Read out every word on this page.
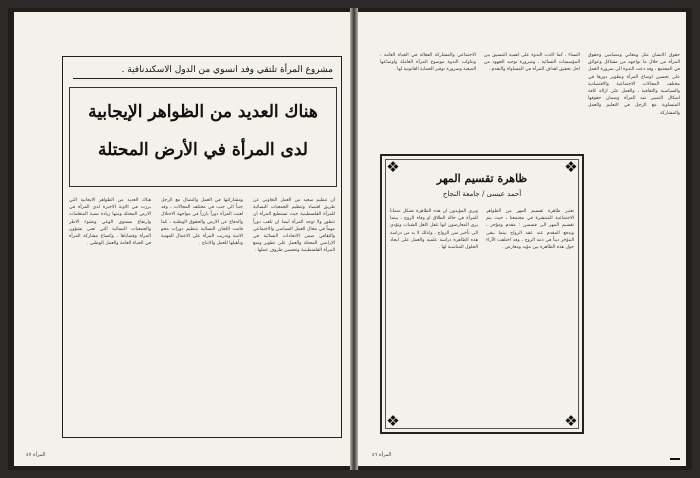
مشروع المرأة تلتقي وفد انسوي من الدول الاسكندنافية .
هناك العديد من الظواهر الإيجابية
لدى المرأة في الأرض المحتلة
أن تنظيم سعيد من العمل التعاوني عن طريق اقتصاد وتنظيم الجمعيات النسائية للمرأة الفلسطينية حيث تستطيع المرأة ان تتطور ولا توجد المرأة ايضا ان تلعب دوراً مهماً في مجال العمل السياسي والاجتماعي والثقافي ضمن الاتحادات النسائية في الاراضي المحتلة والعمل على تطوير وضع المرأة الفلسطينية وتحسين ظروف عملها .
ومشاركتها في العمل والنضال مع الرجل جنباً الى جنب في مختلف المجالات ، وقد لعبت المرأة دوراً بارزاً في مواجهة الاحتلال والدفاع عن الارض والحقوق الوطنية ، كما قامت اللجان النسائية بتنظيم دورات محو الامية وتدريب المرأة على الاعمال المهنية وتأهيلها للعمل والانتاج .
هناك العديد من الظواهر الايجابية التي برزت في الاونة الاخيرة لدى المرأة في الارض المحتلة ومنها زيادة نسبة المتعلمات وارتفاع مستوى الوعي ونشوء الاطر والجمعيات النسائية التي تعنى بشؤون المرأة وقضاياها ، واتساع مشاركة المرأة في الحياة العامة والعمل الوطني .
المرأة ٤٧
حقوق الانسان مثل ومعاني ومضامين وحقوق المرأة من خلال ما تواجهه من مشاكل وعوائق في المجتمع ، وقد دعت الندوة الى ضرورة العمل على تحسين اوضاع المرأة وتطوير دورها في مختلف المجالات الاجتماعية والاقتصادية والسياسية والثقافية ، والعمل على ازالة كافة اشكال التمييز ضد المرأة وضمان حقوقها المتساوية مع الرجل في التعليم والعمل والمشاركة .
النساء ، كما اكدت الندوة على اهمية التنسيق بين المؤسسات النسائية ، وضرورة توحيد الجهود من اجل تحقيق اهداف المرأة في المساواة والتقدم .
الاجتماعي والمشاركة الفعالة في الحياة العامة ، وتناولت الندوة موضوع المرأة العاملة واوضاعها الصعبة وضرورة توفير الحماية القانونية لها .
❖	❖
❖	❖
ظاهرة تقسيم المهر
أحمد عيسى / جامعة النجاح
تعتبر ظاهرة تقسيم المهر من الظواهر الاجتماعية المنتشرة في مجتمعنا ، حيث يتم تقسيم المهر الى قسمين : مقدم ومؤخر ، ويدفع المقدم عند عقد الزواج بينما يبقى المؤخر ديناً في ذمة الزوج ، وقد اختلفت الآراء حول هذه الظاهرة بين مؤيد ومعارض .
ويرى المؤيدون ان هذه الظاهرة تشكل ضماناً للمرأة في حالة الطلاق او وفاة الزوج ، بينما يرى المعارضون انها تثقل كاهل الشباب وتؤدي الى تأخير سن الزواج ، ولذلك لا بد من دراسة هذه الظاهرة دراسة علمية والعمل على ايجاد الحلول المناسبة لها .
المرأة ٤٦
